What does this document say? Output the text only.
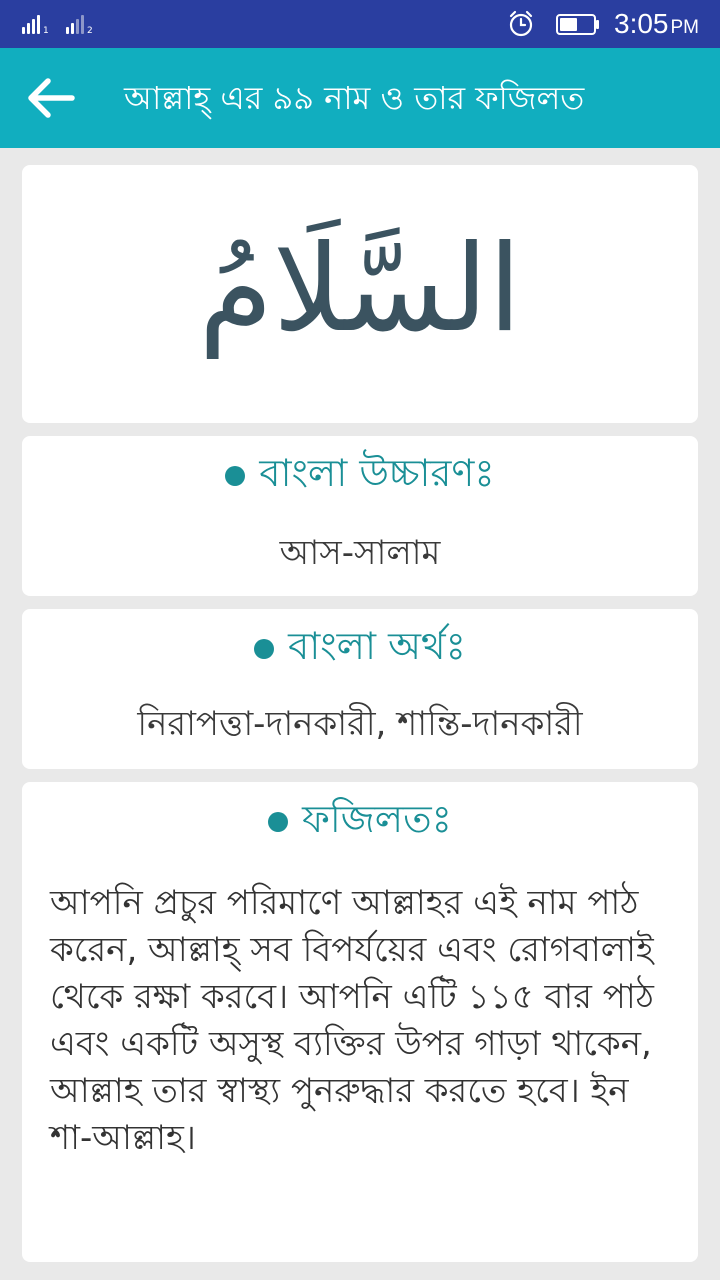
1	2	3:05 PM
আল্লাহ্ এর ৯৯ নাম ও তার ফজিলত
السَّلَامُ
বাংলা উচ্চারণঃ
আস-সালাম
বাংলা অর্থঃ
নিরাপত্তা-দানকারী, শান্তি-দানকারী
ফজিলতঃ
আপনি প্রচুর পরিমাণে আল্লাহর এই নাম পাঠ করেন, আল্লাহ্ সব বিপর্যয়ের এবং রোগবালাই থেকে রক্ষা করবে। আপনি এটি ১১৫ বার পাঠ এবং একটি অসুস্থ ব্যক্তির উপর গাড়া থাকেন, আল্লাহ তার স্বাস্থ্য পুনরুদ্ধার করতে হবে। ইন শা-আল্লাহ।
